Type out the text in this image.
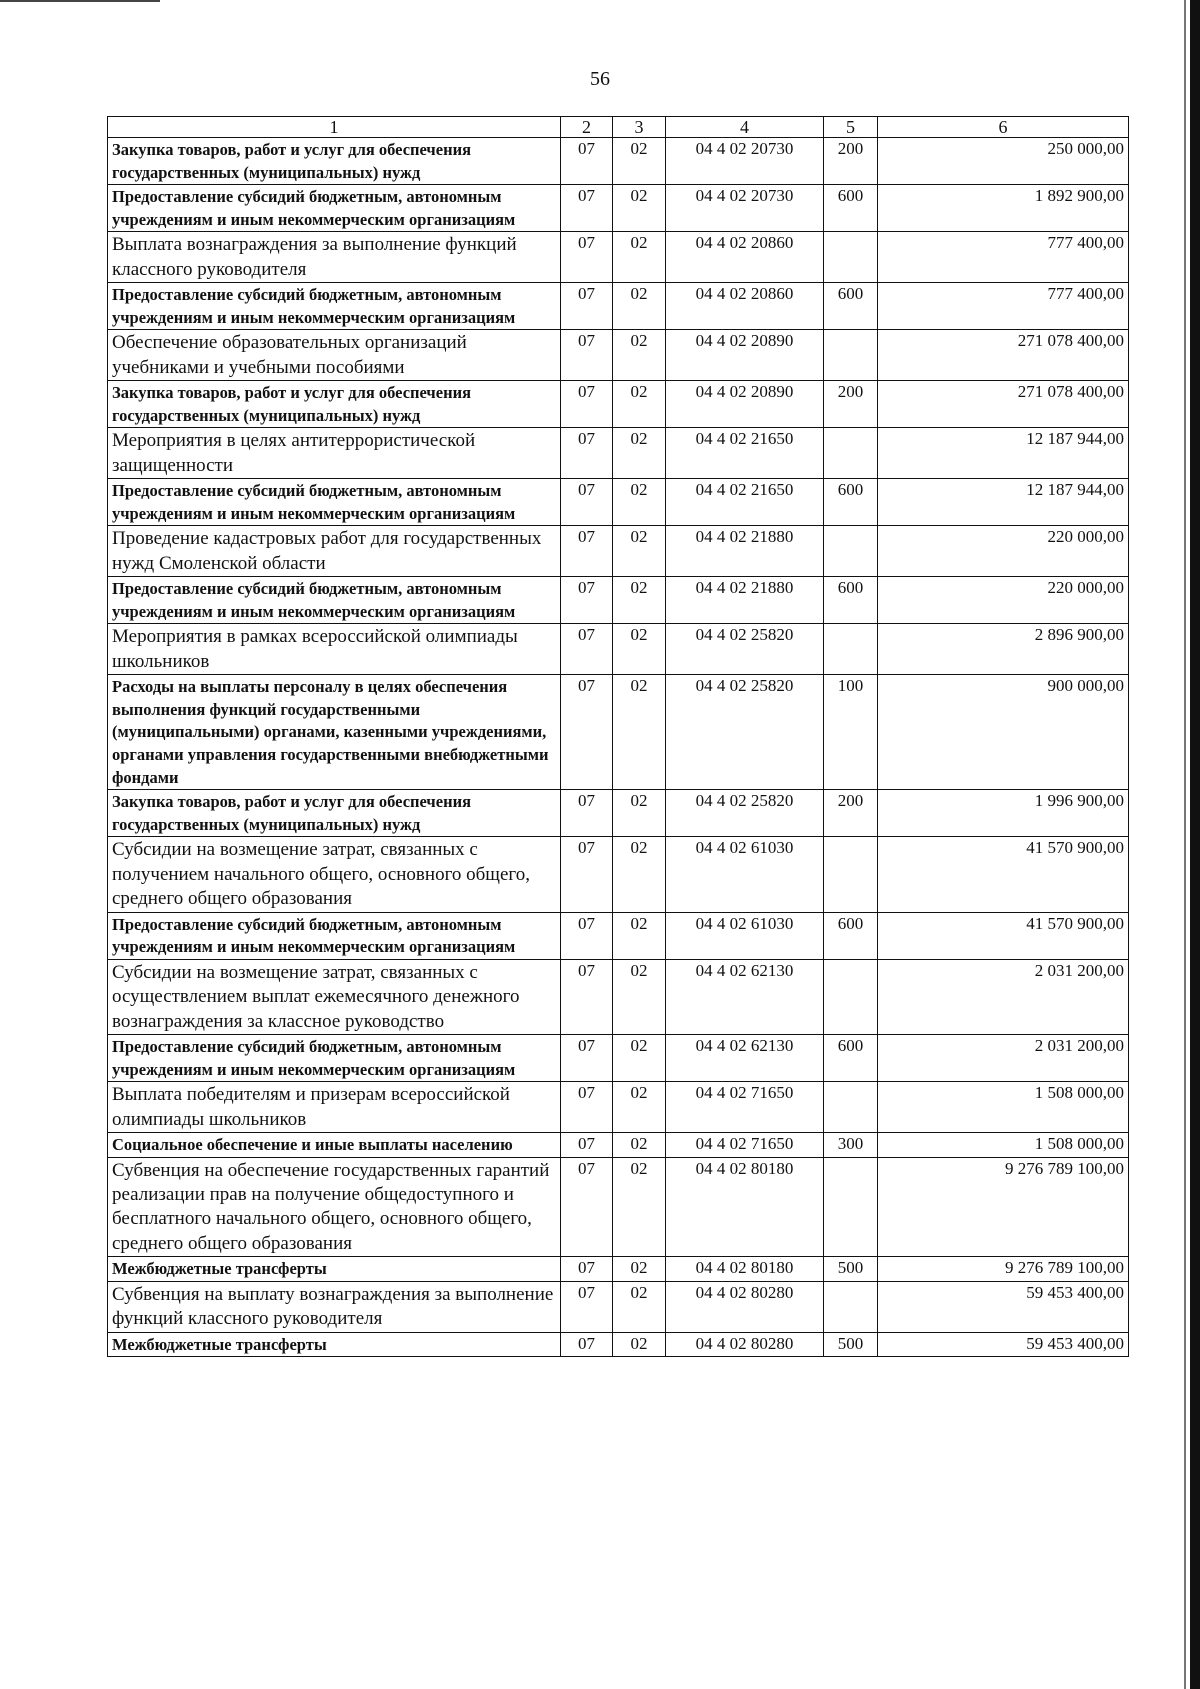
56
1	2	3	4	5	6
Закупка товаров, работ и услуг для обеспечения государственных (муниципальных) нужд	07	02	04 4 02 20730	200	250 000,00
Предоставление субсидий бюджетным, автономным учреждениям и иным некоммерческим организациям	07	02	04 4 02 20730	600	1 892 900,00
Выплата вознаграждения за выполнение функций классного руководителя	07	02	04 4 02 20860		777 400,00
Предоставление субсидий бюджетным, автономным учреждениям и иным некоммерческим организациям	07	02	04 4 02 20860	600	777 400,00
Обеспечение образовательных организаций учебниками и учебными пособиями	07	02	04 4 02 20890		271 078 400,00
Закупка товаров, работ и услуг для обеспечения государственных (муниципальных) нужд	07	02	04 4 02 20890	200	271 078 400,00
Мероприятия в целях антитеррористической защищенности	07	02	04 4 02 21650		12 187 944,00
Предоставление субсидий бюджетным, автономным учреждениям и иным некоммерческим организациям	07	02	04 4 02 21650	600	12 187 944,00
Проведение кадастровых работ для государственных нужд Смоленской области	07	02	04 4 02 21880		220 000,00
Предоставление субсидий бюджетным, автономным учреждениям и иным некоммерческим организациям	07	02	04 4 02 21880	600	220 000,00
Мероприятия в рамках всероссийской олимпиады школьников	07	02	04 4 02 25820		2 896 900,00
Расходы на выплаты персоналу в целях обеспечения выполнения функций государственными (муниципальными) органами, казенными учреждениями, органами управления государственными внебюджетными фондами	07	02	04 4 02 25820	100	900 000,00
Закупка товаров, работ и услуг для обеспечения государственных (муниципальных) нужд	07	02	04 4 02 25820	200	1 996 900,00
Субсидии на возмещение затрат, связанных с получением начального общего, основного общего, среднего общего образования	07	02	04 4 02 61030		41 570 900,00
Предоставление субсидий бюджетным, автономным учреждениям и иным некоммерческим организациям	07	02	04 4 02 61030	600	41 570 900,00
Субсидии на возмещение затрат, связанных с осуществлением выплат ежемесячного денежного вознаграждения за классное руководство	07	02	04 4 02 62130		2 031 200,00
Предоставление субсидий бюджетным, автономным учреждениям и иным некоммерческим организациям	07	02	04 4 02 62130	600	2 031 200,00
Выплата победителям и призерам всероссийской олимпиады школьников	07	02	04 4 02 71650		1 508 000,00
Социальное обеспечение и иные выплаты населению	07	02	04 4 02 71650	300	1 508 000,00
Субвенция на обеспечение государственных гарантий реализации прав на получение общедоступного и бесплатного начального общего, основного общего, среднего общего образования	07	02	04 4 02 80180		9 276 789 100,00
Межбюджетные трансферты	07	02	04 4 02 80180	500	9 276 789 100,00
Субвенция на выплату вознаграждения за выполнение функций классного руководителя	07	02	04 4 02 80280		59 453 400,00
Межбюджетные трансферты	07	02	04 4 02 80280	500	59 453 400,00
